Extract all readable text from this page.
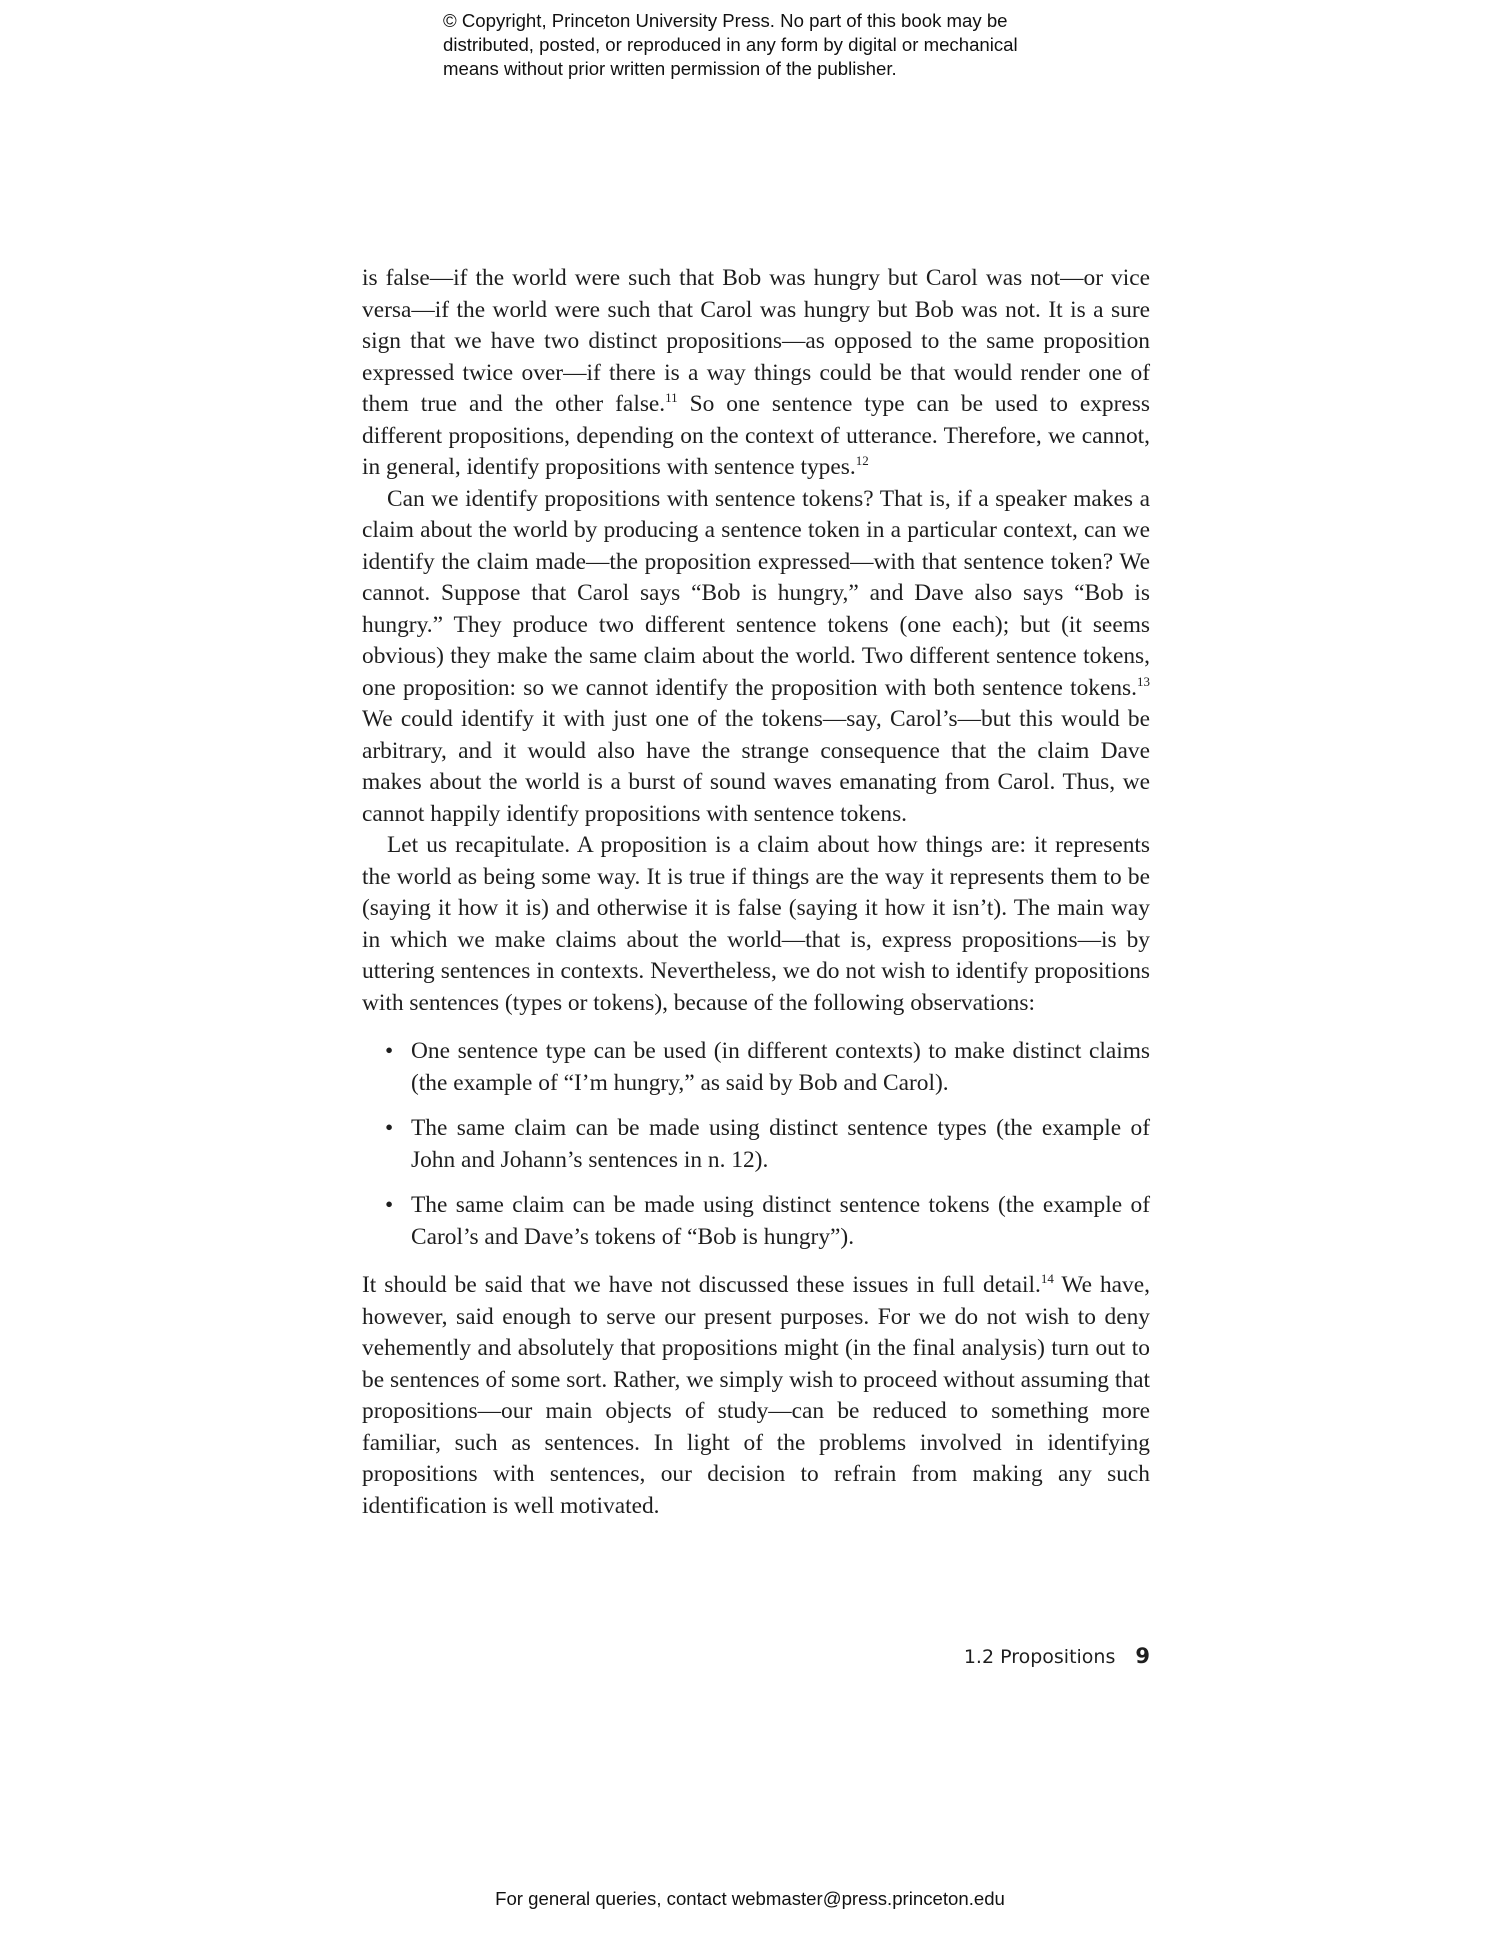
© Copyright, Princeton University Press. No part of this book may be
distributed, posted, or reproduced in any form by digital or mechanical
means without prior written permission of the publisher.

is false—if the world were such that Bob was hungry but Carol was not—or vice versa—if the world were such that Carol was hungry but Bob was not. It is a sure sign that we have two distinct propositions—as opposed to the same proposition expressed twice over—if there is a way things could be that would render one of them true and the other false.$^{11}$ So one sentence type can be used to express different propositions, depending on the context of utterance. Therefore, we cannot, in general, identify propositions with sentence types.$^{12}$

Can we identify propositions with sentence tokens? That is, if a speaker makes a claim about the world by producing a sentence token in a particular context, can we identify the claim made—the proposition expressed—with that sentence token? We cannot. Suppose that Carol says “Bob is hungry,” and Dave also says “Bob is hungry.” They produce two different sentence tokens (one each); but (it seems obvious) they make the same claim about the world. Two different sentence tokens, one proposition: so we cannot identify the proposition with both sentence tokens.$^{13}$ We could identify it with just one of the tokens—say, Carol’s—but this would be arbitrary, and it would also have the strange consequence that the claim Dave makes about the world is a burst of sound waves emanating from Carol. Thus, we cannot happily identify propositions with sentence tokens.

Let us recapitulate. A proposition is a claim about how things are: it represents the world as being some way. It is true if things are the way it represents them to be (saying it how it is) and otherwise it is false (saying it how it isn’t). The main way in which we make claims about the world—that is, express propositions—is by uttering sentences in contexts. Nevertheless, we do not wish to identify propositions with sentences (types or tokens), because of the following observations:

• One sentence type can be used (in different contexts) to make distinct claims (the example of “I’m hungry,” as said by Bob and Carol).
• The same claim can be made using distinct sentence types (the example of John and Johann’s sentences in n. 12).
• The same claim can be made using distinct sentence tokens (the example of Carol’s and Dave’s tokens of “Bob is hungry”).

It should be said that we have not discussed these issues in full detail.$^{14}$ We have, however, said enough to serve our present purposes. For we do not wish to deny vehemently and absolutely that propositions might (in the final analysis) turn out to be sentences of some sort. Rather, we simply wish to proceed without assuming that propositions—our main objects of study—can be reduced to something more familiar, such as sentences. In light of the problems involved in identifying propositions with sentences, our decision to refrain from making any such identification is well motivated.

1.2 Propositions 9
For general queries, contact webmaster@press.princeton.edu
